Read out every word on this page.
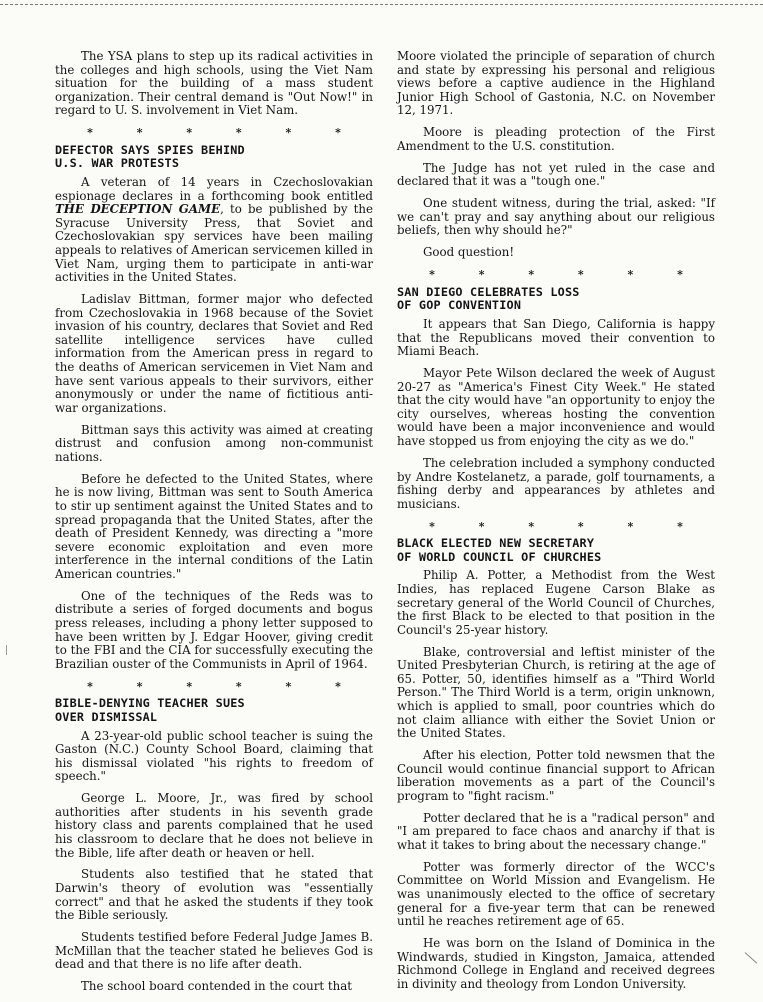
The YSA plans to step up its radical activities in the colleges and high schools, using the Viet Nam situation for the building of a mass student organization. Their central demand is "Out Now!" in regard to U. S. involvement in Viet Nam.

* * * * * *
DEFECTOR SAYS SPIES BEHIND
U.S. WAR PROTESTS

A veteran of 14 years in Czechoslovakian espionage declares in a forthcoming book entitled THE DECEPTION GAME, to be published by the Syracuse University Press, that Soviet and Czechoslovakian spy services have been mailing appeals to relatives of American servicemen killed in Viet Nam, urging them to participate in anti-war activities in the United States.

Ladislav Bittman, former major who defected from Czechoslovakia in 1968 because of the Soviet invasion of his country, declares that Soviet and Red satellite intelligence services have culled information from the American press in regard to the deaths of American servicemen in Viet Nam and have sent various appeals to their survivors, either anonymously or under the name of fictitious anti-war organizations.

Bittman says this activity was aimed at creating distrust and confusion among non-communist nations.

Before he defected to the United States, where he is now living, Bittman was sent to South America to stir up sentiment against the United States and to spread propaganda that the United States, after the death of President Kennedy, was directing a "more severe economic exploitation and even more interference in the internal conditions of the Latin American countries."

One of the techniques of the Reds was to distribute a series of forged documents and bogus press releases, including a phony letter supposed to have been written by J. Edgar Hoover, giving credit to the FBI and the CIA for successfully executing the Brazilian ouster of the Communists in April of 1964.

* * * * * *
BIBLE-DENYING TEACHER SUES
OVER DISMISSAL

A 23-year-old public school teacher is suing the Gaston (N.C.) County School Board, claiming that his dismissal violated "his rights to freedom of speech."

George L. Moore, Jr., was fired by school authorities after students in his seventh grade history class and parents complained that he used his classroom to declare that he does not believe in the Bible, life after death or heaven or hell.

Students also testified that he stated that Darwin's theory of evolution was "essentially correct" and that he asked the students if they took the Bible seriously.

Students testified before Federal Judge James B. McMillan that the teacher stated he believes God is dead and that there is no life after death.

The school board contended in the court that

Moore violated the principle of separation of church and state by expressing his personal and religious views before a captive audience in the Highland Junior High School of Gastonia, N.C. on November 12, 1971.

Moore is pleading protection of the First Amendment to the U.S. constitution.

The Judge has not yet ruled in the case and declared that it was a "tough one."

One student witness, during the trial, asked: "If we can't pray and say anything about our religious beliefs, then why should he?"

Good question!

* * * * * *
SAN DIEGO CELEBRATES LOSS
OF GOP CONVENTION

It appears that San Diego, California is happy that the Republicans moved their convention to Miami Beach.

Mayor Pete Wilson declared the week of August 20-27 as "America's Finest City Week." He stated that the city would have "an opportunity to enjoy the city ourselves, whereas hosting the convention would have been a major inconvenience and would have stopped us from enjoying the city as we do."

The celebration included a symphony conducted by Andre Kostelanetz, a parade, golf tournaments, a fishing derby and appearances by athletes and musicians.

* * * * * *
BLACK ELECTED NEW SECRETARY
OF WORLD COUNCIL OF CHURCHES

Philip A. Potter, a Methodist from the West Indies, has replaced Eugene Carson Blake as secretary general of the World Council of Churches, the first Black to be elected to that position in the Council's 25-year history.

Blake, controversial and leftist minister of the United Presbyterian Church, is retiring at the age of 65. Potter, 50, identifies himself as a "Third World Person." The Third World is a term, origin unknown, which is applied to small, poor countries which do not claim alliance with either the Soviet Union or the United States.

After his election, Potter told newsmen that the Council would continue financial support to African liberation movements as a part of the Council's program to "fight racism."

Potter declared that he is a "radical person" and "I am prepared to face chaos and anarchy if that is what it takes to bring about the necessary change."

Potter was formerly director of the WCC's Committee on World Mission and Evangelism. He was unanimously elected to the office of secretary general for a five-year term that can be renewed until he reaches retirement age of 65.

He was born on the Island of Dominica in the Windwards, studied in Kingston, Jamaica, attended Richmond College in England and received degrees in divinity and theology from London University.
